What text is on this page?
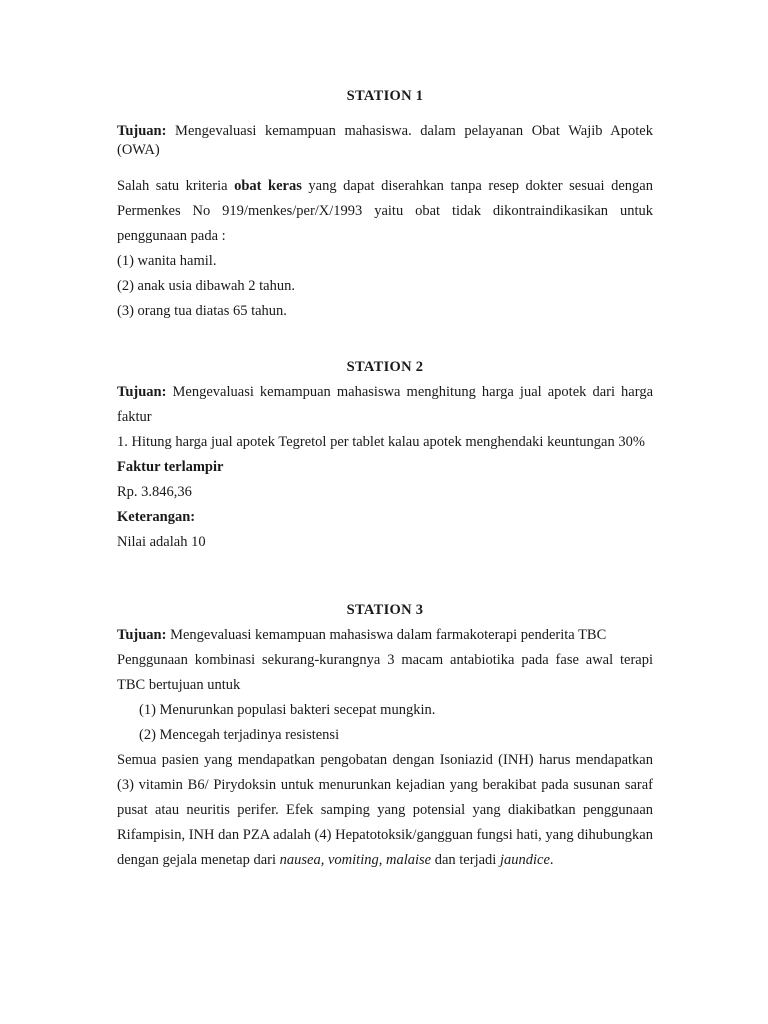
STATION 1

Tujuan: Mengevaluasi kemampuan mahasiswa. dalam pelayanan Obat Wajib Apotek (OWA)

Salah satu kriteria obat keras yang dapat diserahkan tanpa resep dokter sesuai dengan Permenkes No 919/menkes/per/X/1993 yaitu obat tidak dikontraindikasikan untuk penggunaan pada :

(1) wanita hamil.

(2) anak usia dibawah 2 tahun.

(3) orang tua diatas 65 tahun.

STATION 2

Tujuan: Mengevaluasi kemampuan mahasiswa menghitung harga jual apotek dari harga faktur

1. Hitung harga jual apotek Tegretol per tablet kalau apotek menghendaki keuntungan 30%

Faktur terlampir

Rp. 3.846,36

Keterangan:

Nilai adalah 10

STATION 3

Tujuan: Mengevaluasi kemampuan mahasiswa dalam farmakoterapi penderita TBC

Penggunaan kombinasi sekurang-kurangnya 3 macam antabiotika pada fase awal terapi TBC bertujuan untuk

(1) Menurunkan populasi bakteri secepat mungkin.

(2) Mencegah terjadinya resistensi

Semua pasien yang mendapatkan pengobatan dengan Isoniazid (INH) harus mendapatkan (3) vitamin B6/ Pirydoksin untuk menurunkan kejadian yang berakibat pada susunan saraf pusat atau neuritis perifer. Efek samping yang potensial yang diakibatkan penggunaan Rifampisin, INH dan PZA adalah (4) Hepatotoksik/gangguan fungsi hati, yang dihubungkan dengan gejala menetap dari nausea, vomiting, malaise dan terjadi jaundice.
